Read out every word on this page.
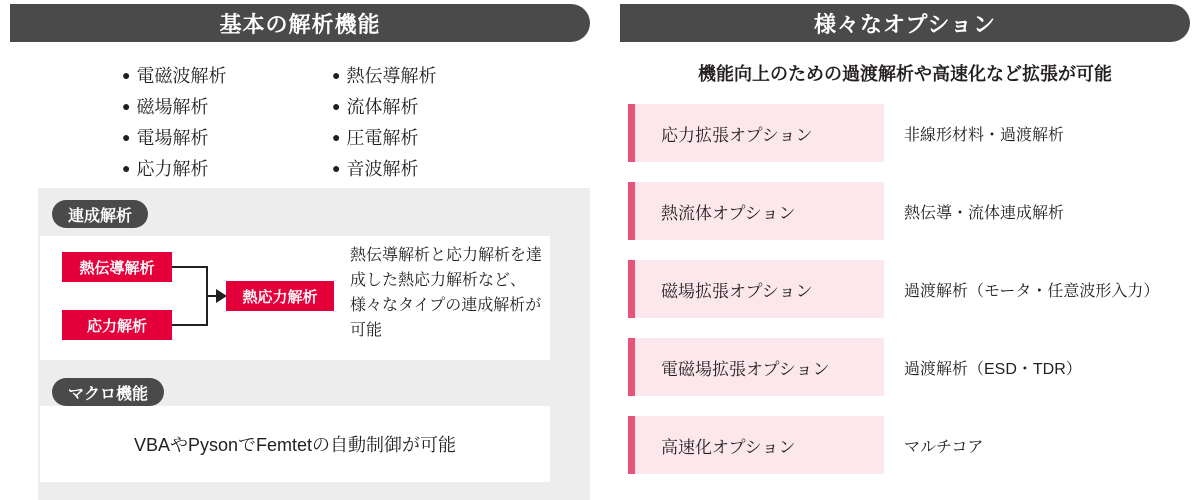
基本の解析機能
● 電磁波解析
● 磁場解析
● 電場解析
● 応力解析
● 熱伝導解析
● 流体解析
● 圧電解析
● 音波解析
連成解析
熱伝導解析
応力解析
熱応力解析
熱伝導解析と応力解析を達成した熱応力解析など、様々なタイプの連成解析が可能
マクロ機能
VBAやPysonでFemtetの自動制御が可能
様々なオプション
機能向上のための過渡解析や高速化など拡張が可能
応力拡張オプション	非線形材料・過渡解析
熱流体オプション	熱伝導・流体連成解析
磁場拡張オプション	過渡解析（モータ・任意波形入力）
電磁場拡張オプション	過渡解析（ESD・TDR）
高速化オプション	マルチコア
